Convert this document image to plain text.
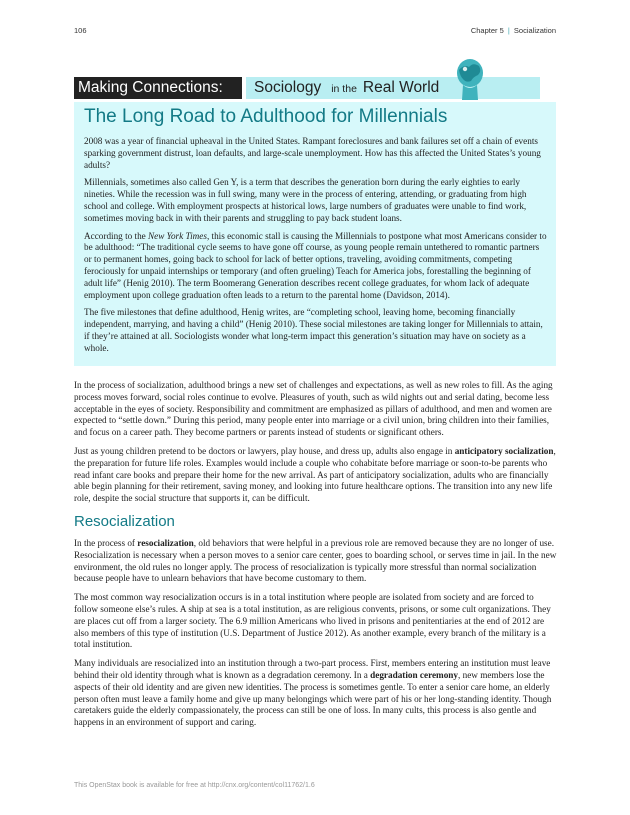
106	Chapter 5 | Socialization
Making Connections:	Sociology in the Real World
The Long Road to Adulthood for Millennials

2008 was a year of financial upheaval in the United States. Rampant foreclosures and bank failures set off a chain of events sparking government distrust, loan defaults, and large-scale unemployment. How has this affected the United States’s young adults?

Millennials, sometimes also called Gen Y, is a term that describes the generation born during the early eighties to early nineties. While the recession was in full swing, many were in the process of entering, attending, or graduating from high school and college. With employment prospects at historical lows, large numbers of graduates were unable to find work, sometimes moving back in with their parents and struggling to pay back student loans.

According to the New York Times, this economic stall is causing the Millennials to postpone what most Americans consider to be adulthood: “The traditional cycle seems to have gone off course, as young people remain untethered to romantic partners or to permanent homes, going back to school for lack of better options, traveling, avoiding commitments, competing ferociously for unpaid internships or temporary (and often grueling) Teach for America jobs, forestalling the beginning of adult life” (Henig 2010). The term Boomerang Generation describes recent college graduates, for whom lack of adequate employment upon college graduation often leads to a return to the parental home (Davidson, 2014).

The five milestones that define adulthood, Henig writes, are “completing school, leaving home, becoming financially independent, marrying, and having a child” (Henig 2010). These social milestones are taking longer for Millennials to attain, if they’re attained at all. Sociologists wonder what long-term impact this generation’s situation may have on society as a whole.

In the process of socialization, adulthood brings a new set of challenges and expectations, as well as new roles to fill. As the aging process moves forward, social roles continue to evolve. Pleasures of youth, such as wild nights out and serial dating, become less acceptable in the eyes of society. Responsibility and commitment are emphasized as pillars of adulthood, and men and women are expected to “settle down.” During this period, many people enter into marriage or a civil union, bring children into their families, and focus on a career path. They become partners or parents instead of students or significant others.

Just as young children pretend to be doctors or lawyers, play house, and dress up, adults also engage in anticipatory socialization, the preparation for future life roles. Examples would include a couple who cohabitate before marriage or soon-to-be parents who read infant care books and prepare their home for the new arrival. As part of anticipatory socialization, adults who are financially able begin planning for their retirement, saving money, and looking into future healthcare options. The transition into any new life role, despite the social structure that supports it, can be difficult.

Resocialization

In the process of resocialization, old behaviors that were helpful in a previous role are removed because they are no longer of use. Resocialization is necessary when a person moves to a senior care center, goes to boarding school, or serves time in jail. In the new environment, the old rules no longer apply. The process of resocialization is typically more stressful than normal socialization because people have to unlearn behaviors that have become customary to them.

The most common way resocialization occurs is in a total institution where people are isolated from society and are forced to follow someone else’s rules. A ship at sea is a total institution, as are religious convents, prisons, or some cult organizations. They are places cut off from a larger society. The 6.9 million Americans who lived in prisons and penitentiaries at the end of 2012 are also members of this type of institution (U.S. Department of Justice 2012). As another example, every branch of the military is a total institution.

Many individuals are resocialized into an institution through a two-part process. First, members entering an institution must leave behind their old identity through what is known as a degradation ceremony. In a degradation ceremony, new members lose the aspects of their old identity and are given new identities. The process is sometimes gentle. To enter a senior care home, an elderly person often must leave a family home and give up many belongings which were part of his or her long-standing identity. Though caretakers guide the elderly compassionately, the process can still be one of loss. In many cults, this process is also gentle and happens in an environment of support and caring.

This OpenStax book is available for free at http://cnx.org/content/col11762/1.6
